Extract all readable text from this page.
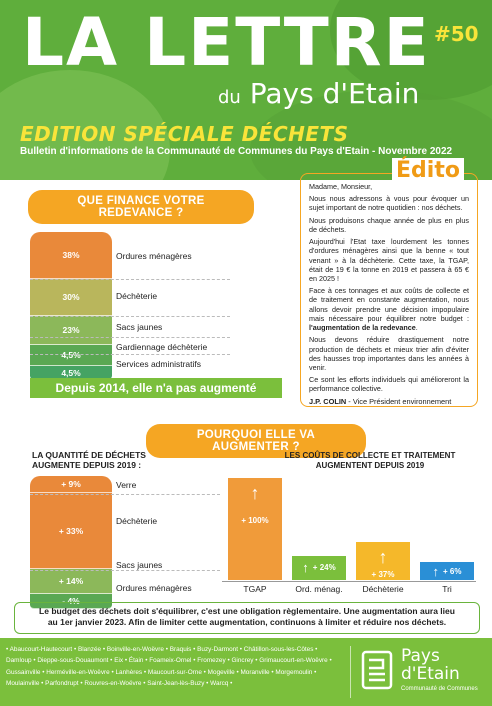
LA LETTRE
du Pays d'Etain
#50
EDITION SPÉCIALE DÉCHETS
Bulletin d'informations de la Communauté de Communes du Pays d'Etain - Novembre 2022
QUE FINANCE VOTRE REDEVANCE ?
38%
30%
23%
4,5%
4,5%
Ordures ménagères
Déchèterie
Sacs jaunes
Gardiennage déchèterie
Services administratifs
Depuis 2014, elle n'a pas augmenté

Madame, Monsieur,

Nous nous adressons à vous pour évoquer un sujet important de notre quotidien : nos déchets.

Nous produisons chaque année de plus en plus de déchets.

Aujourd'hui l'Etat taxe lourdement les tonnes d'ordures ménagères ainsi que la benne « tout venant » à la déchèterie. Cette taxe, la TGAP, était de 19 € la tonne en 2019 et passera à 65 € en 2025 !

Face à ces tonnages et aux coûts de collecte et de traitement en constante augmentation, nous allons devoir prendre une décision impopulaire mais nécessaire pour équilibrer notre budget : l'augmentation de la redevance.

Nous devons réduire drastiquement notre production de déchets et mieux trier afin d'éviter des hausses trop importantes dans les années à venir.

Ce sont les efforts individuels qui amélioreront la performance collective.

J.P. COLIN - Vice Président environnement
Édito
POURQUOI ELLE VA AUGMENTER ?
LA QUANTITÉ DE DÉCHETS
AUGMENTE DEPUIS 2019 :
+ 9%
+ 33%
+ 14%
- 4%
Verre
Déchèterie
Sacs jaunes
Ordures ménagères
LES COÛTS DE COLLECTE ET TRAITEMENT
AUGMENTENT DEPUIS 2019
↑
+ 100%
↑ + 24%
↑
+ 37%	↑ + 6%
TGAP	Ord. ménag.	Déchèterie	Tri
Le budget des déchets doit s'équilibrer, c'est une obligation règlementaire. Une augmentation aura lieu
au 1er janvier 2023. Afin de limiter cette augmentation, continuons à limiter et réduire nos déchets.
• Abaucourt-Hautecourt • Blanzée • Boinville-en-Woëvre • Braquis • Buzy-Darmont • Châtillon-sous-les-Côtes • Damloup • Dieppe-sous-Douaumont • Eix • Étain • Foameix-Ornel • Fromezey • Gincrey • Grimaucourt-en-Woëvre • Gussainville • Herméville-en-Woëvre • Lanhères • Maucourt-sur-Orne • Mogeville • Moranville • Morgemoulin • Moulainville • Parfondrupt • Rouvres-en-Woëvre • Saint-Jean-lès-Buzy • Warcq •
Pays
d'Etain
Communauté de Communes
